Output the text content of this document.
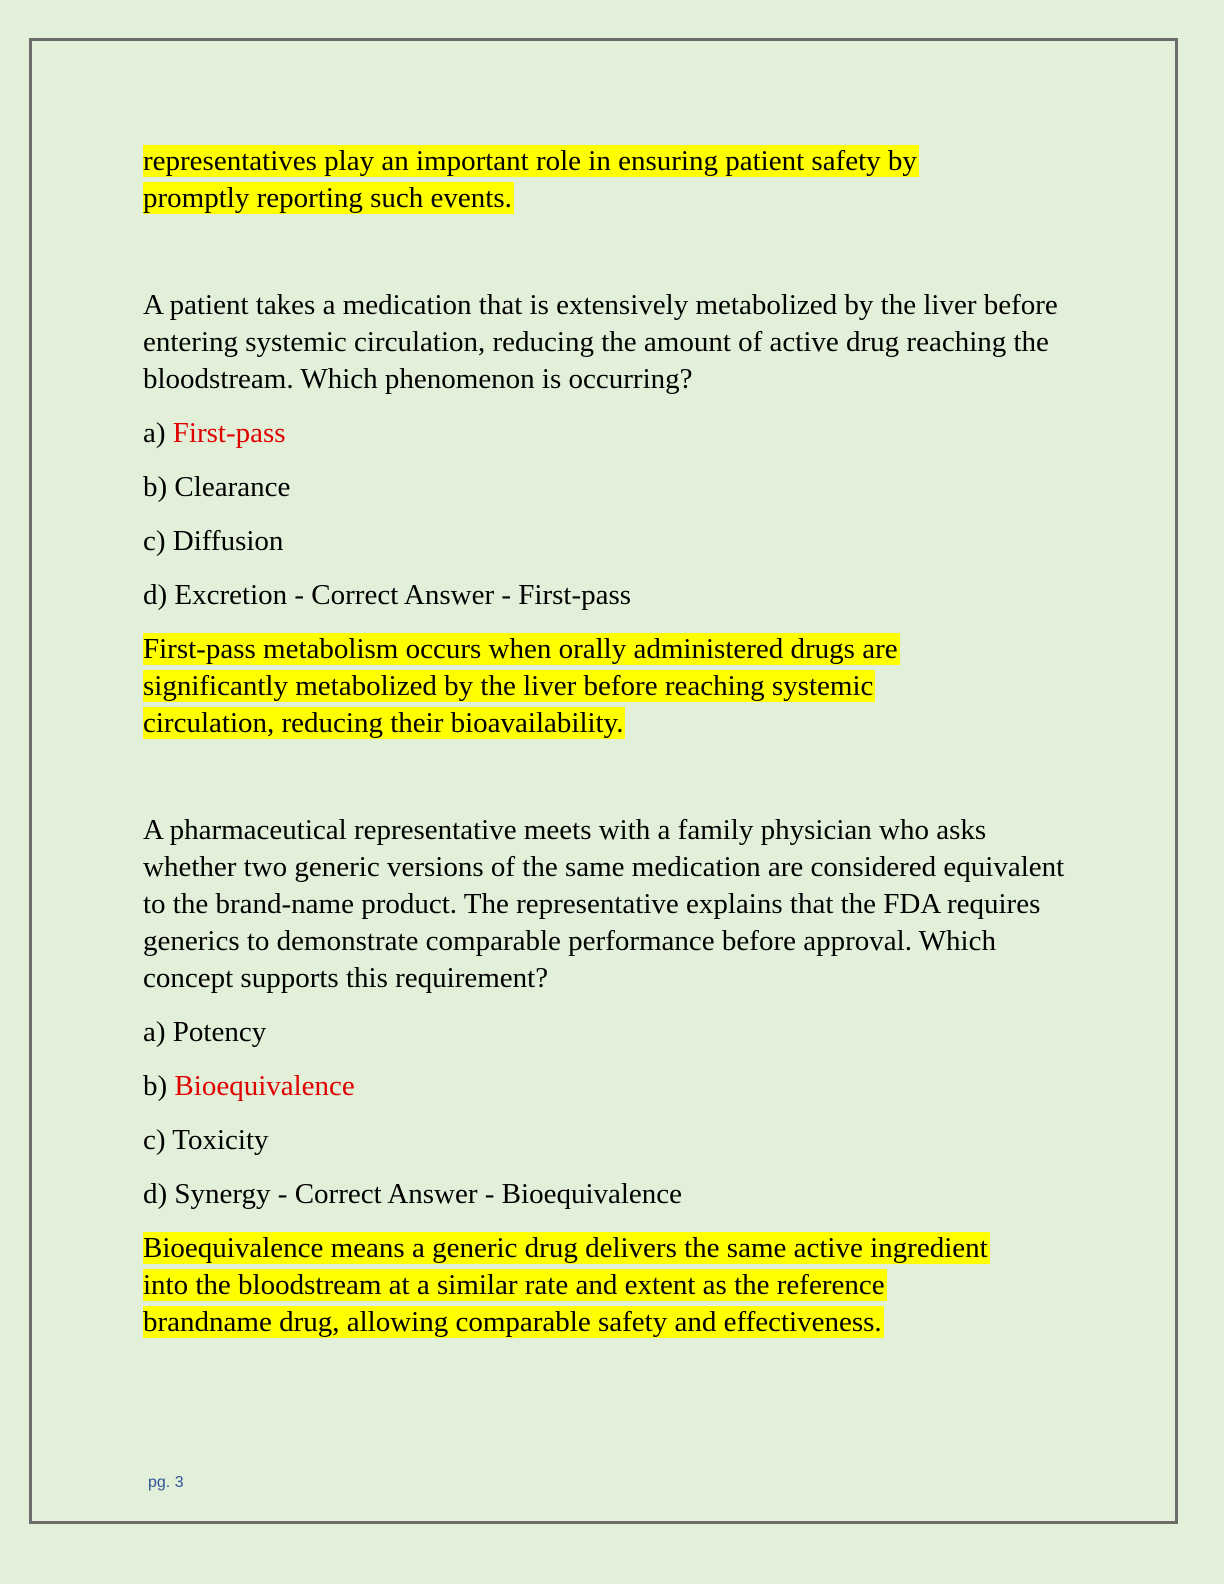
representatives play an important role in ensuring patient safety by
promptly reporting such events.

A patient takes a medication that is extensively metabolized by the liver before entering systemic circulation, reducing the amount of active drug reaching the bloodstream. Which phenomenon is occurring?

a) First-pass
b) Clearance
c) Diffusion
d) Excretion - Correct Answer - First-pass

First-pass metabolism occurs when orally administered drugs are
significantly metabolized by the liver before reaching systemic
circulation, reducing their bioavailability.

A pharmaceutical representative meets with a family physician who asks whether two generic versions of the same medication are considered equivalent to the brand-name product. The representative explains that the FDA requires generics to demonstrate comparable performance before approval. Which concept supports this requirement?

a) Potency
b) Bioequivalence
c) Toxicity
d) Synergy - Correct Answer - Bioequivalence

Bioequivalence means a generic drug delivers the same active ingredient
into the bloodstream at a similar rate and extent as the reference
brandname drug, allowing comparable safety and effectiveness.

pg. 3
